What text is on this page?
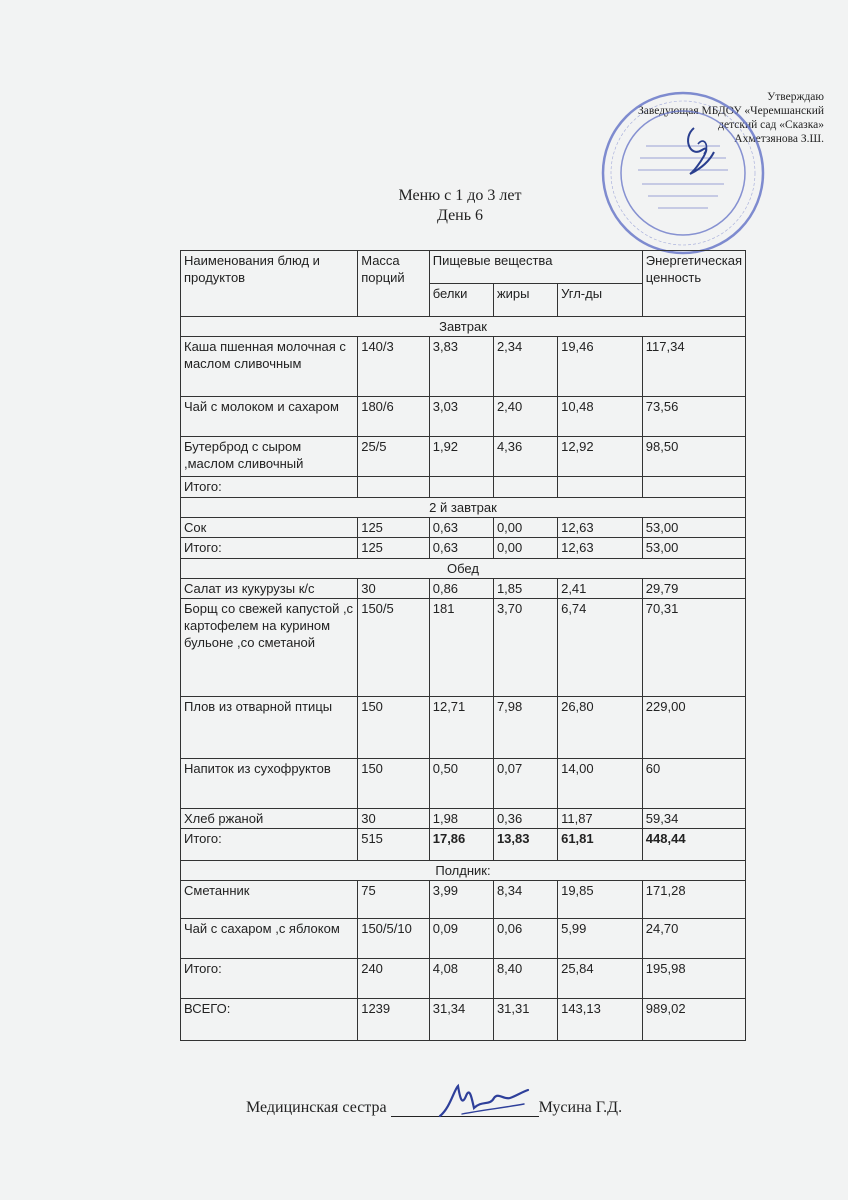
Утверждаю
Заведующая МБДОУ «Черемшанский
детский сад «Сказка»
Ахметзянова З.Ш.
Меню с 1 до 3 лет
День 6
Наименования блюд и продуктов	Масса порций	Пищевые вещества			Энергетическая ценность
		белки	жиры	Угл-ды	
Завтрак					
Каша пшенная молочная с маслом сливочным	140/3	3,83	2,34	19,46	117,34
Чай с молоком и сахаром	180/6	3,03	2,40	10,48	73,56
Бутерброд с сыром ,маслом сливочный	25/5	1,92	4,36	12,92	98,50
Итого:					
2 й завтрак					
Сок	125	0,63	0,00	12,63	53,00
Итого:	125	0,63	0,00	12,63	53,00
Обед					
Салат из кукурузы к/с	30	0,86	1,85	2,41	29,79
Борщ со свежей капустой ,с картофелем на курином бульоне ,со сметаной	150/5	181	3,70	6,74	70,31
Плов из отварной птицы	150	12,71	7,98	26,80	229,00
Напиток из сухофруктов	150	0,50	0,07	14,00	60
Хлеб ржаной	30	1,98	0,36	11,87	59,34
Итого:	515	17,86	13,83	61,81	448,44
Полдник:					
Сметанник	75	3,99	8,34	19,85	171,28
Чай с сахаром ,с яблоком	150/5/10	0,09	0,06	5,99	24,70
Итого:	240	4,08	8,40	25,84	195,98
ВСЕГО:	1239	31,34	31,31	143,13	989,02
Медицинская сестра	Мусина Г.Д.
